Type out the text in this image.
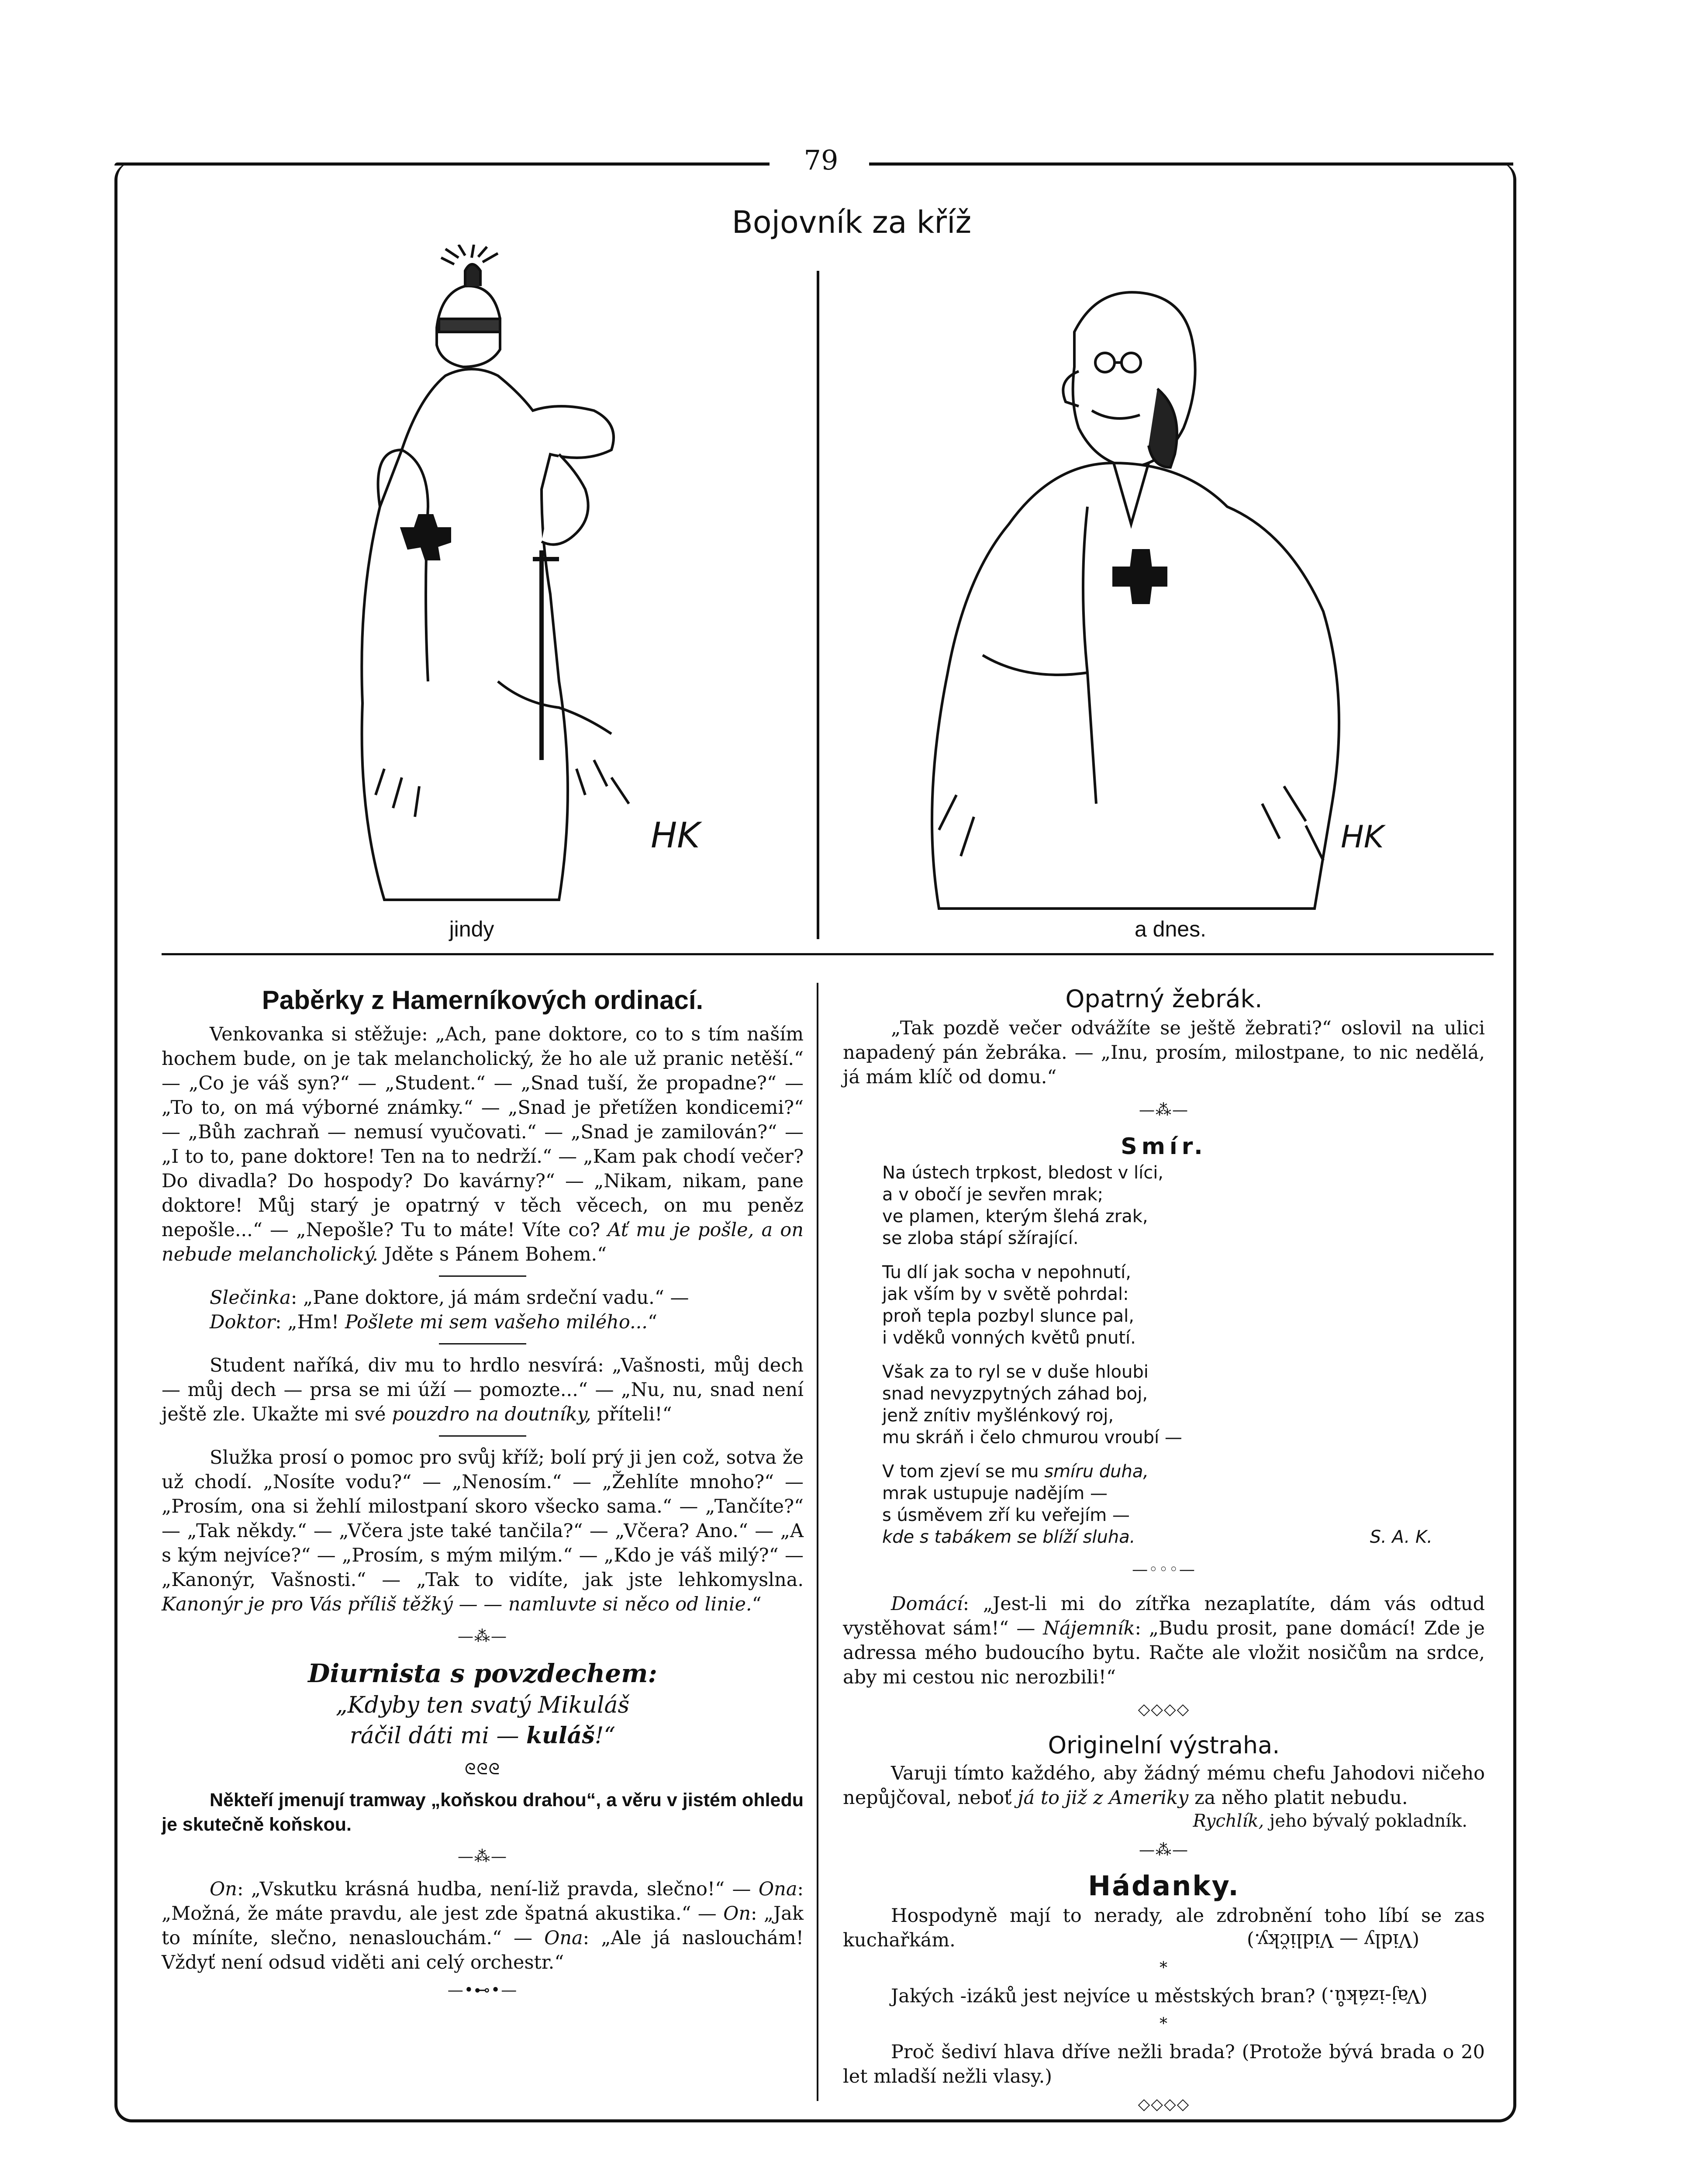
79
Bojovník za kříž
HK
jindy
HK
a dnes.

Paběrky z Hamerníkových ordinací.

Venkovanka si stěžuje: „Ach, pane doktore, co to s tím naším hochem bude, on je tak melancholický, že ho ale už pranic netěší.“ — „Co je váš syn?“ — „Student.“ — „Snad tuší, že propadne?“ — „To to, on má výborné známky.“ — „Snad je přetížen kondicemi?“ — „Bůh zachraň — nemusí vyučovati.“ — „Snad je zamilován?“ — „I to to, pane doktore! Ten na to nedrží.“ — „Kam pak chodí večer? Do divadla? Do hospody? Do kavárny?“ — „Nikam, nikam, pane doktore! Můj starý je opatrný v těch věcech, on mu peněz nepošle...“ — „Nepošle? Tu to máte! Víte co? Ať mu je pošle, a on nebude melancholický. Jděte s Pánem Bohem.“

Slečinka: „Pane doktore, já mám srdeční vadu.“ —

Doktor: „Hm! Pošlete mi sem vašeho milého...“

Student naříká, div mu to hrdlo nesvírá: „Vašnosti, můj dech — můj dech — prsa se mi úží — pomozte...“ — „Nu, nu, snad není ještě zle. Ukažte mi své pouzdro na doutníky, příteli!“

Služka prosí o pomoc pro svůj kříž; bolí prý ji jen což, sotva že už chodí. „Nosíte vodu?“ — „Nenosím.“ — „Žehlíte mnoho?“ — „Prosím, ona si žehlí milostpaní skoro všecko sama.“ — „Tančíte?“ — „Tak někdy.“ — „Včera jste také tančila?“ — „Včera? Ano.“ — „A s kým nejvíce?“ — „Prosím, s mým milým.“ — „Kdo je váš milý?“ — „Kanonýr, Vašnosti.“ — „Tak to vidíte, jak jste lehkomyslna. Kanonýr je pro Vás příliš těžký — — namluvte si něco od linie.“

—⁂—

Diurnista s povzdechem:

„Kdyby ten svatý Mikuláš

ráčil dáti mi — kuláš!“

ᘓᘓᘓ

Někteří jmenují tramway „koňskou drahou“, a věru v jistém ohledu je skutečně koňskou.

—⁂—

On: „Vskutku krásná hudba, není-liž pravda, slečno!“ — Ona: „Možná, že máte pravdu, ale jest zde špatná akustika.“ — On: „Jak to míníte, slečno, nenaslouchám.“ — Ona: „Ale já naslouchám! Vždyť není odsud viděti ani celý orchestr.“

—•⊷•—

Opatrný žebrák.

„Tak pozdě večer odvážíte se ještě žebrati?“ oslovil na ulici napadený pán žebráka. — „Inu, prosím, milostpane, to nic nedělá, já mám klíč od domu.“

—⁂—

Smír.

Na ústech trpkost, bledost v líci,

a v obočí je sevřen mrak;

ve plamen, kterým šlehá zrak,

se zloba stápí sžírající.

Tu dlí jak socha v nepohnutí,

jak vším by v světě pohrdal:

proň tepla pozbyl slunce pal,

i vděků vonných květů pnutí.

Však za to ryl se v duše hloubi

snad nevyzpytných záhad boj,

jenž znítiv myšlénkový roj,

mu skráň i čelo chmurou vroubí —

V tom zjeví se mu smíru duha,

mrak ustupuje nadějím —

s úsměvem zří ku veřejím —

kde s tabákem se blíží sluha.	S. A. K.

—◦◦◦—

Domácí: „Jest-li mi do zítřka nezaplatíte, dám vás odtud vystěhovat sám!“ — Nájemník: „Budu prosit, pane domácí! Zde je adressa mého budoucího bytu. Račte ale vložit nosičům na srdce, aby mi cestou nic nerozbili!“

◇◇◇◇

Originelní výstraha.

Varuji tímto každého, aby žádný mému chefu Jahodovi ničeho nepůjčoval, neboť já to již z Ameriky za něho platit nebudu.

Rychlík, jeho bývalý pokladník.

—⁂—

Hádanky.

Hospodyně mají to nerady, ale zdrobnění toho líbí se zas kuchařkám.	(Vidly — Vidličky.)

*

Jakých -izáků jest nejvíce u městských bran? (Vaj-izáků.)

*

Proč šediví hlava dříve nežli brada? (Protože bývá brada o 20 let mladší nežli vlasy.)

◇◇◇◇
